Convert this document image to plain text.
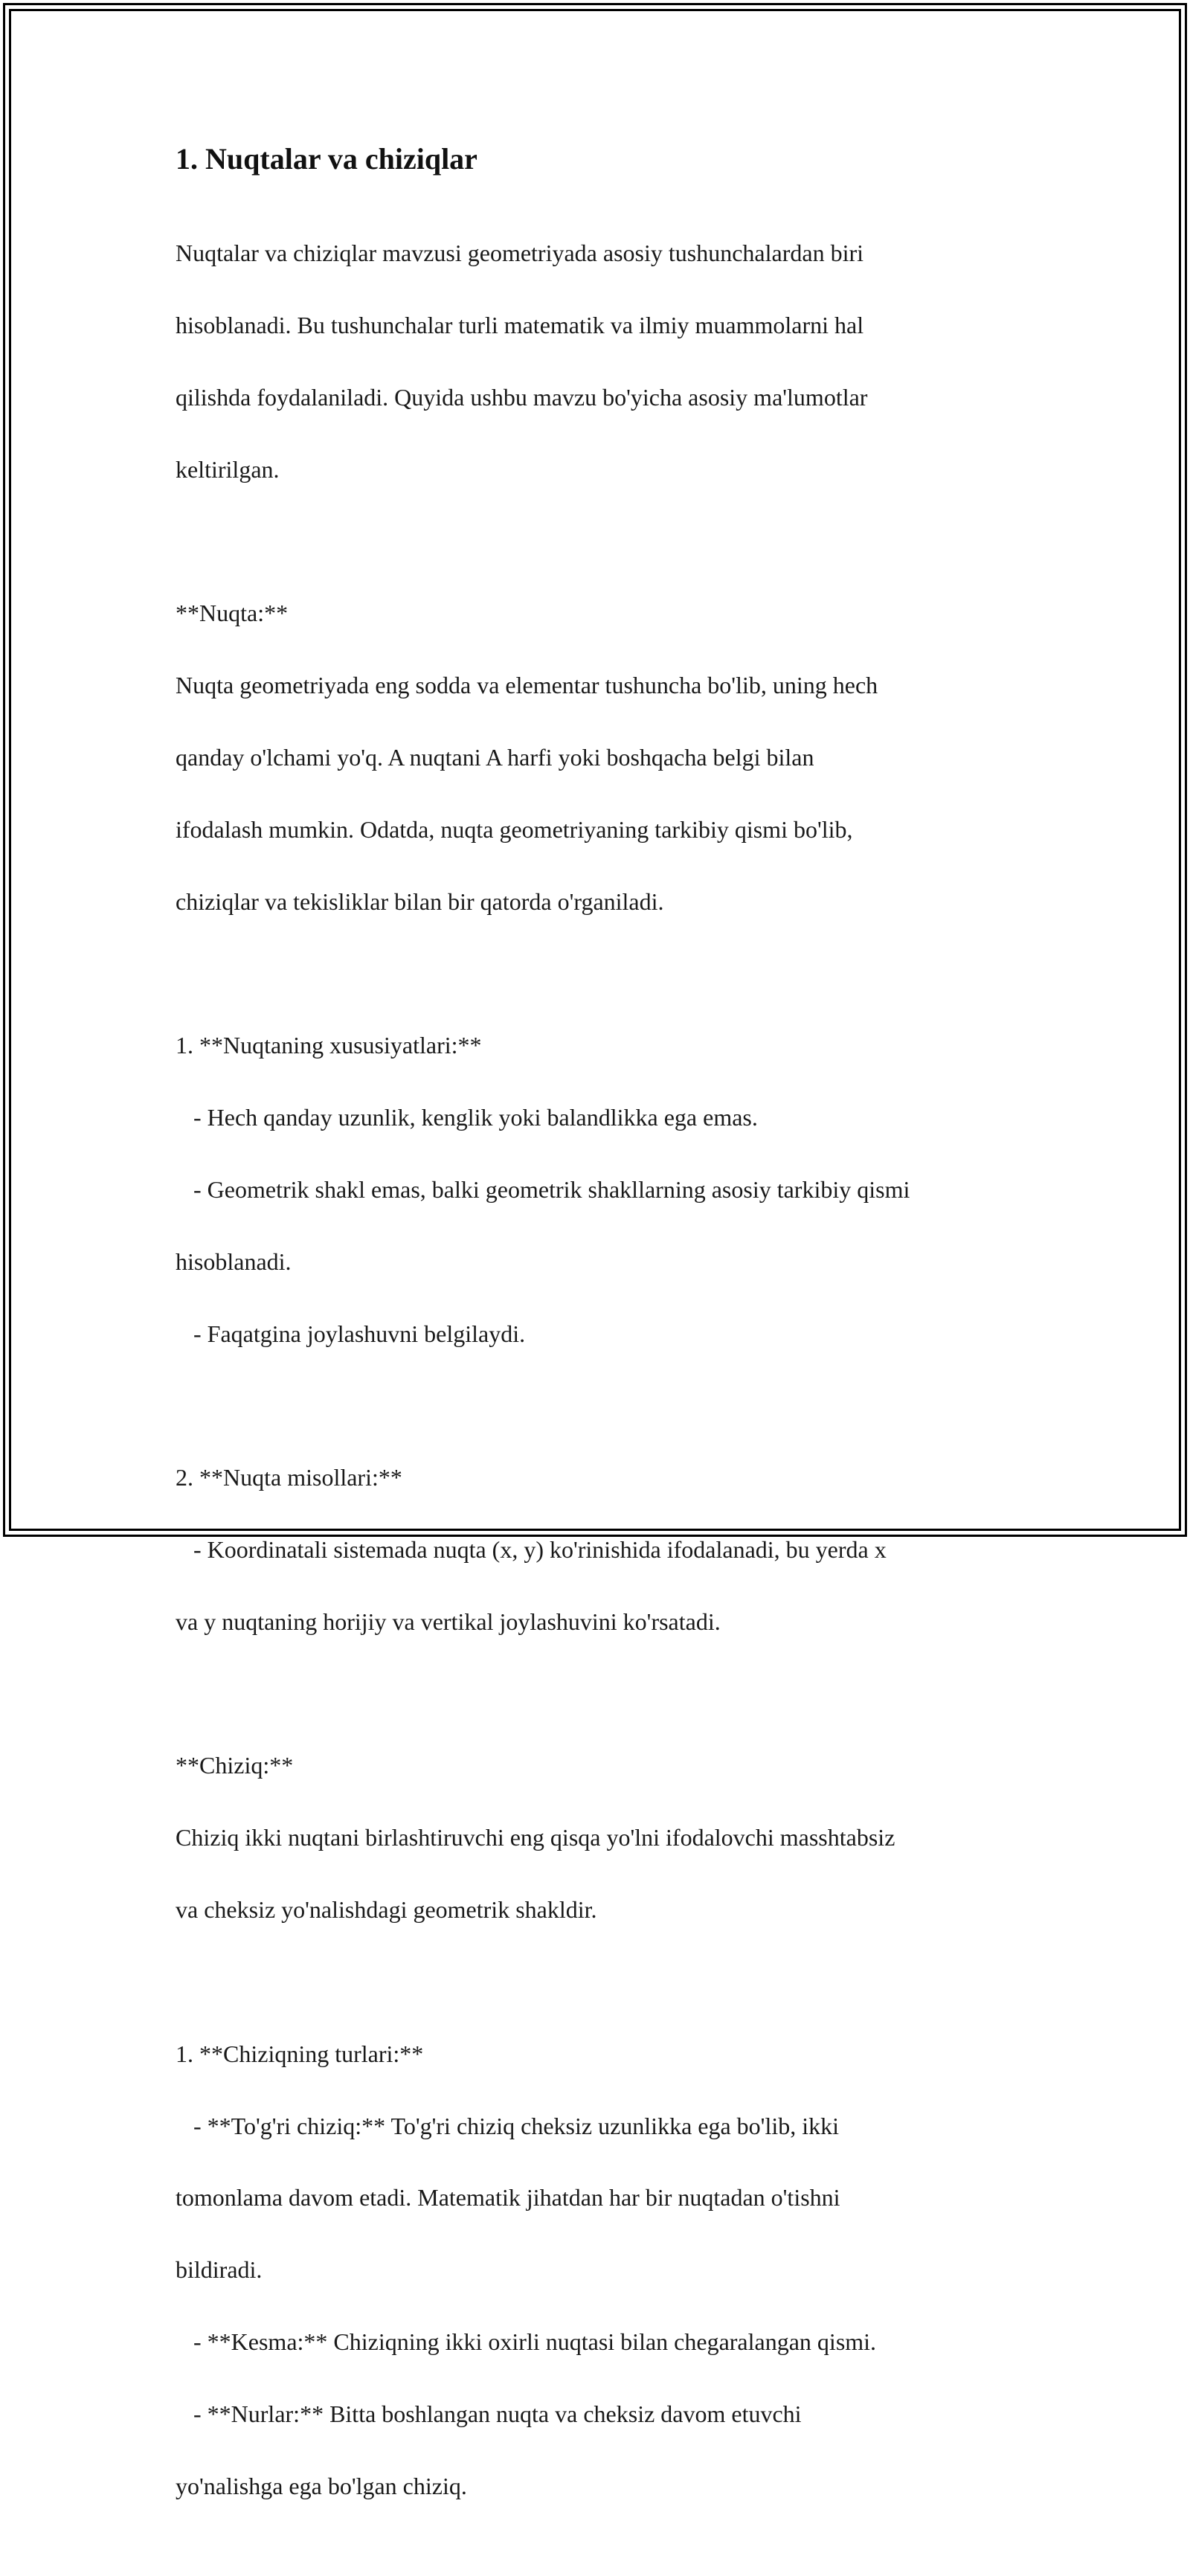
1. Nuqtalar va chiziqlar

Nuqtalar va chiziqlar mavzusi geometriyada asosiy tushunchalardan biri

hisoblanadi. Bu tushunchalar turli matematik va ilmiy muammolarni hal

qilishda foydalaniladi. Quyida ushbu mavzu bo'yicha asosiy ma'lumotlar

keltirilgan.

**Nuqta:**

Nuqta geometriyada eng sodda va elementar tushuncha bo'lib, uning hech

qanday o'lchami yo'q. A nuqtani A harfi yoki boshqacha belgi bilan

ifodalash mumkin. Odatda, nuqta geometriyaning tarkibiy qismi bo'lib,

chiziqlar va tekisliklar bilan bir qatorda o'rganiladi.

1. **Nuqtaning xususiyatlari:**

- Hech qanday uzunlik, kenglik yoki balandlikka ega emas.

- Geometrik shakl emas, balki geometrik shakllarning asosiy tarkibiy qismi

hisoblanadi.

- Faqatgina joylashuvni belgilaydi.

2. **Nuqta misollari:**

- Koordinatali sistemada nuqta (x, y) ko'rinishida ifodalanadi, bu yerda x

va y nuqtaning horijiy va vertikal joylashuvini ko'rsatadi.

**Chiziq:**

Chiziq ikki nuqtani birlashtiruvchi eng qisqa yo'lni ifodalovchi masshtabsiz

va cheksiz yo'nalishdagi geometrik shakldir.

1. **Chiziqning turlari:**

- **To'g'ri chiziq:** To'g'ri chiziq cheksiz uzunlikka ega bo'lib, ikki

tomonlama davom etadi. Matematik jihatdan har bir nuqtadan o'tishni

bildiradi.

- **Kesma:** Chiziqning ikki oxirli nuqtasi bilan chegaralangan qismi.

- **Nurlar:** Bitta boshlangan nuqta va cheksiz davom etuvchi

yo'nalishga ega bo'lgan chiziq.
